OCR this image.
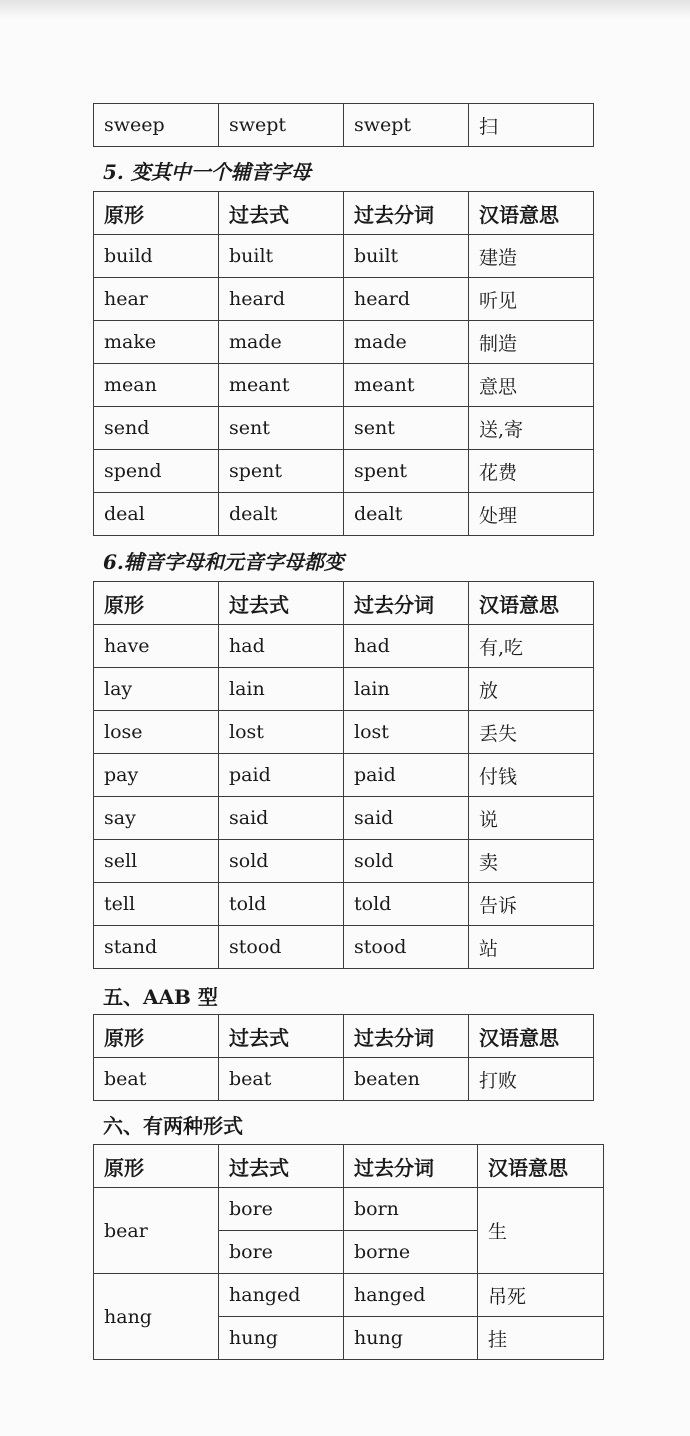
sweep	swept	swept	扫

5. 变其中一个辅音字母

原形	过去式	过去分词	汉语意思
build	built	built	建造
hear	heard	heard	听见
make	made	made	制造
mean	meant	meant	意思
send	sent	sent	送,寄
spend	spent	spent	花费
deal	dealt	dealt	处理

6.辅音字母和元音字母都变

原形	过去式	过去分词	汉语意思
have	had	had	有,吃
lay	lain	lain	放
lose	lost	lost	丢失
pay	paid	paid	付钱
say	said	said	说
sell	sold	sold	卖
tell	told	told	告诉
stand	stood	stood	站

五、AAB 型

原形	过去式	过去分词	汉语意思
beat	beat	beaten	打败

六、有两种形式

原形	过去式	过去分词	汉语意思
bear	bore	born	生
	bore	borne	
hang	hanged	hanged	吊死
	hung	hung	挂
